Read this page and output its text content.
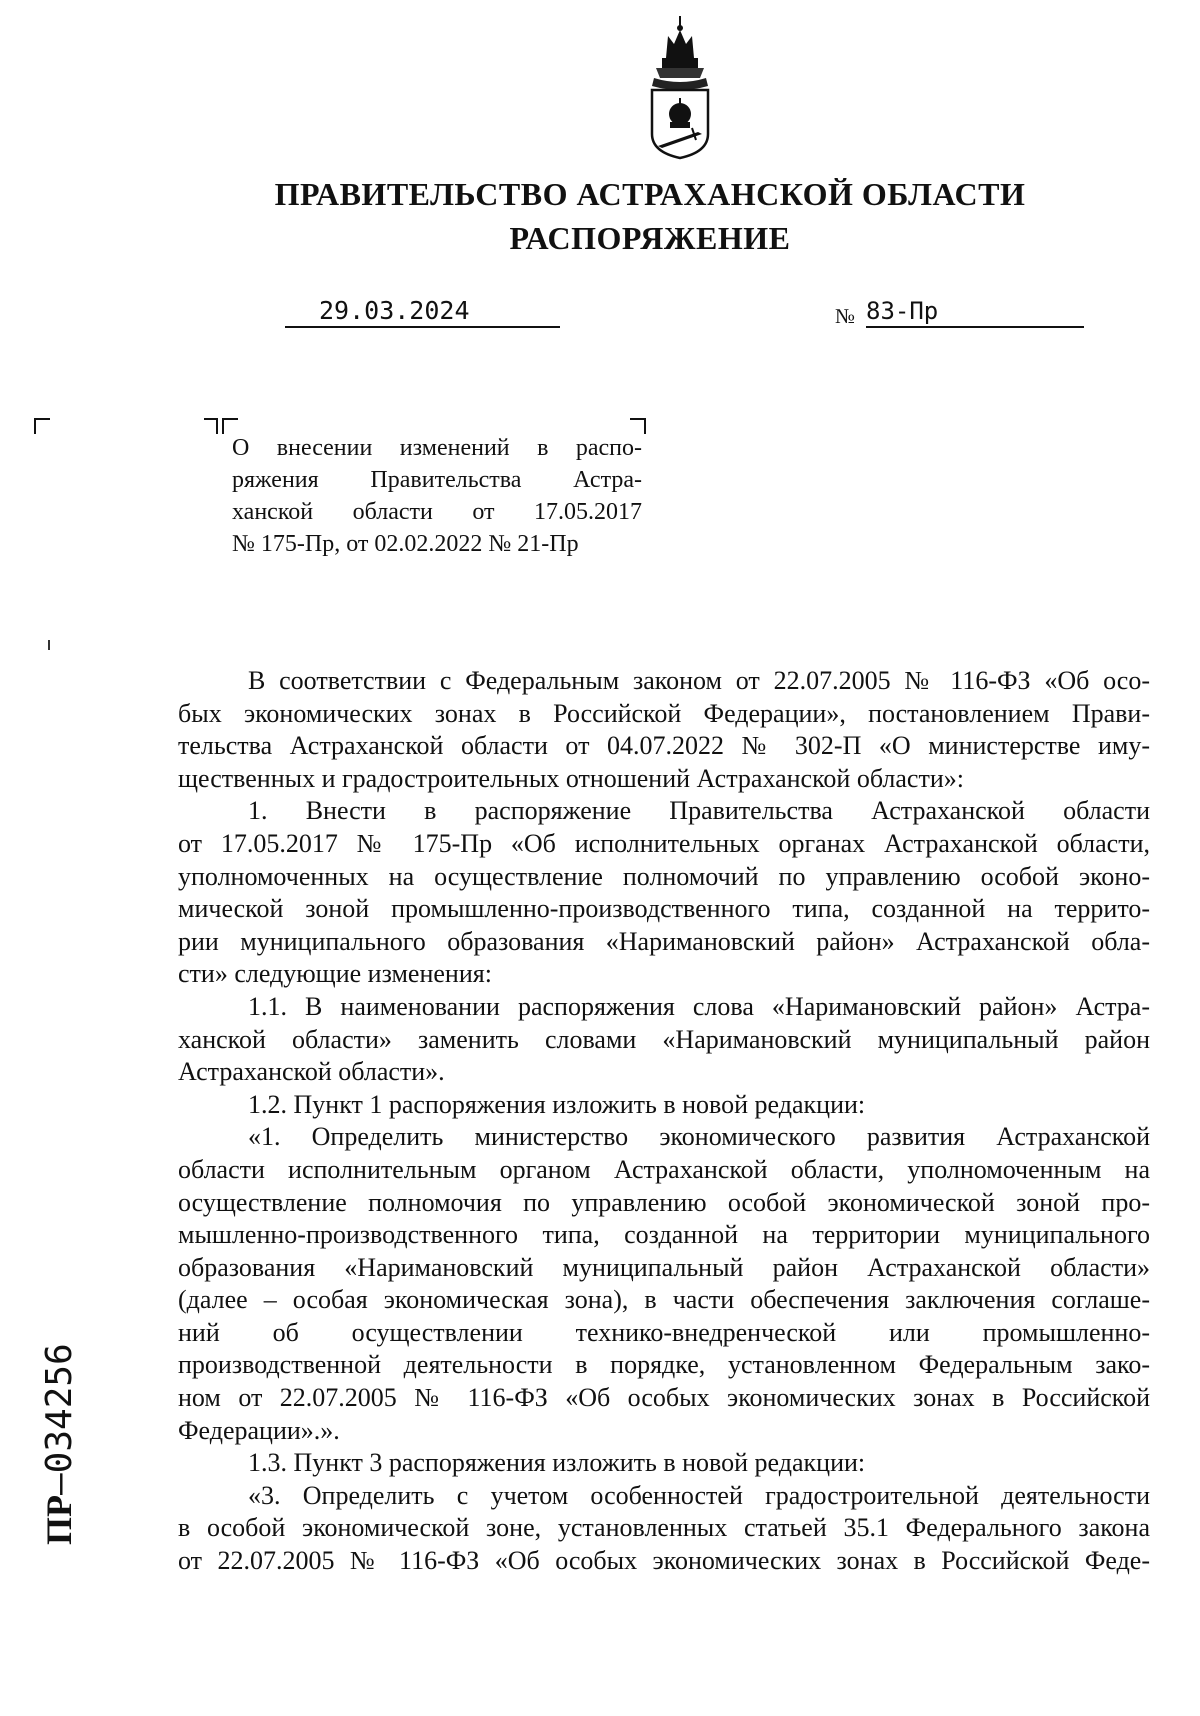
ПРАВИТЕЛЬСТВО АСТРАХАНСКОЙ ОБЛАСТИ
РАСПОРЯЖЕНИЕ
29.03.2024	№ 83-Пр
О внесении изменений в распо-
ряжения Правительства Астра-
ханской области от 17.05.2017
№ 175-Пр, от 02.02.2022 № 21-Пр
В соответствии с Федеральным законом от 22.07.2005 № 116-ФЗ «Об осо-
бых экономических зонах в Российской Федерации», постановлением Прави-
тельства Астраханской области от 04.07.2022 № 302-П «О министерстве иму-
щественных и градостроительных отношений Астраханской области»:
1. Внести в распоряжение Правительства Астраханской области
от 17.05.2017 № 175-Пр «Об исполнительных органах Астраханской области,
уполномоченных на осуществление полномочий по управлению особой эконо-
мической зоной промышленно-производственного типа, созданной на террито-
рии муниципального образования «Наримановский район» Астраханской обла-
сти» следующие изменения:
1.1. В наименовании распоряжения слова «Наримановский район» Астра-
ханской области» заменить словами «Наримановский муниципальный район
Астраханской области».
1.2. Пункт 1 распоряжения изложить в новой редакции:
«1. Определить министерство экономического развития Астраханской
области исполнительным органом Астраханской области, уполномоченным на
осуществление полномочия по управлению особой экономической зоной про-
мышленно-производственного типа, созданной на территории муниципального
образования «Наримановский муниципальный район Астраханской области»
(далее – особая экономическая зона), в части обеспечения заключения соглаше-
ний об осуществлении технико-внедренческой или промышленно-
производственной деятельности в порядке, установленном Федеральным зако-
ном от 22.07.2005 № 116-ФЗ «Об особых экономических зонах в Российской
Федерации».».
1.3. Пункт 3 распоряжения изложить в новой редакции:
«3. Определить с учетом особенностей градостроительной деятельности
в особой экономической зоне, установленных статьей 35.1 Федерального закона
от 22.07.2005 № 116-ФЗ «Об особых экономических зонах в Российской Феде-
ПР–034256
